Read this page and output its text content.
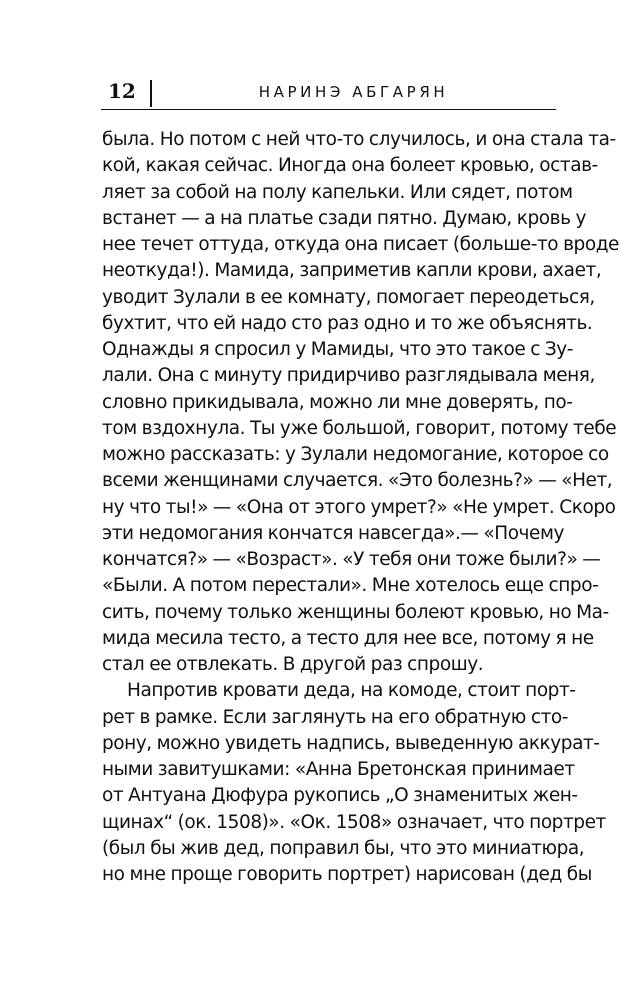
12	НАРИНЭ АБГАРЯН
была. Но потом с ней что-то случилось, и она стала та-
кой, какая сейчас. Иногда она болеет кровью, остав-
ляет за собой на полу капельки. Или сядет, потом
встанет — а на платье сзади пятно. Думаю, кровь у
нее течет оттуда, откуда она писает (больше-то вроде
неоткуда!). Мамида, заприметив капли крови, ахает,
уводит Зулали в ее комнату, помогает переодеться,
бухтит, что ей надо сто раз одно и то же объяснять.
Однажды я спросил у Мамиды, что это такое с Зу-
лали. Она с минуту придирчиво разглядывала меня,
словно прикидывала, можно ли мне доверять, по-
том вздохнула. Ты уже большой, говорит, потому тебе
можно рассказать: у Зулали недомогание, которое со
всеми женщинами случается. «Это болезнь?» — «Нет,
ну что ты!» — «Она от этого умрет?» «Не умрет. Скоро
эти недомогания кончатся навсегда».— «Почему
кончатся?» — «Возраст». «У тебя они тоже были?» —
«Были. А потом перестали». Мне хотелось еще спро-
сить, почему только женщины болеют кровью, но Ма-
мида месила тесто, а тесто для нее все, потому я не
стал ее отвлекать. В другой раз спрошу.
Напротив кровати деда, на комоде, стоит порт-
рет в рамке. Если заглянуть на его обратную сто-
рону, можно увидеть надпись, выведенную аккурат-
ными завитушками: «Анна Бретонская принимает
от Антуана Дюфура рукопись „О знаменитых жен-
щинах“ (ок. 1508)». «Ок. 1508» означает, что портрет
(был бы жив дед, поправил бы, что это миниатюра,
но мне проще говорить портрет) нарисован (дед бы
